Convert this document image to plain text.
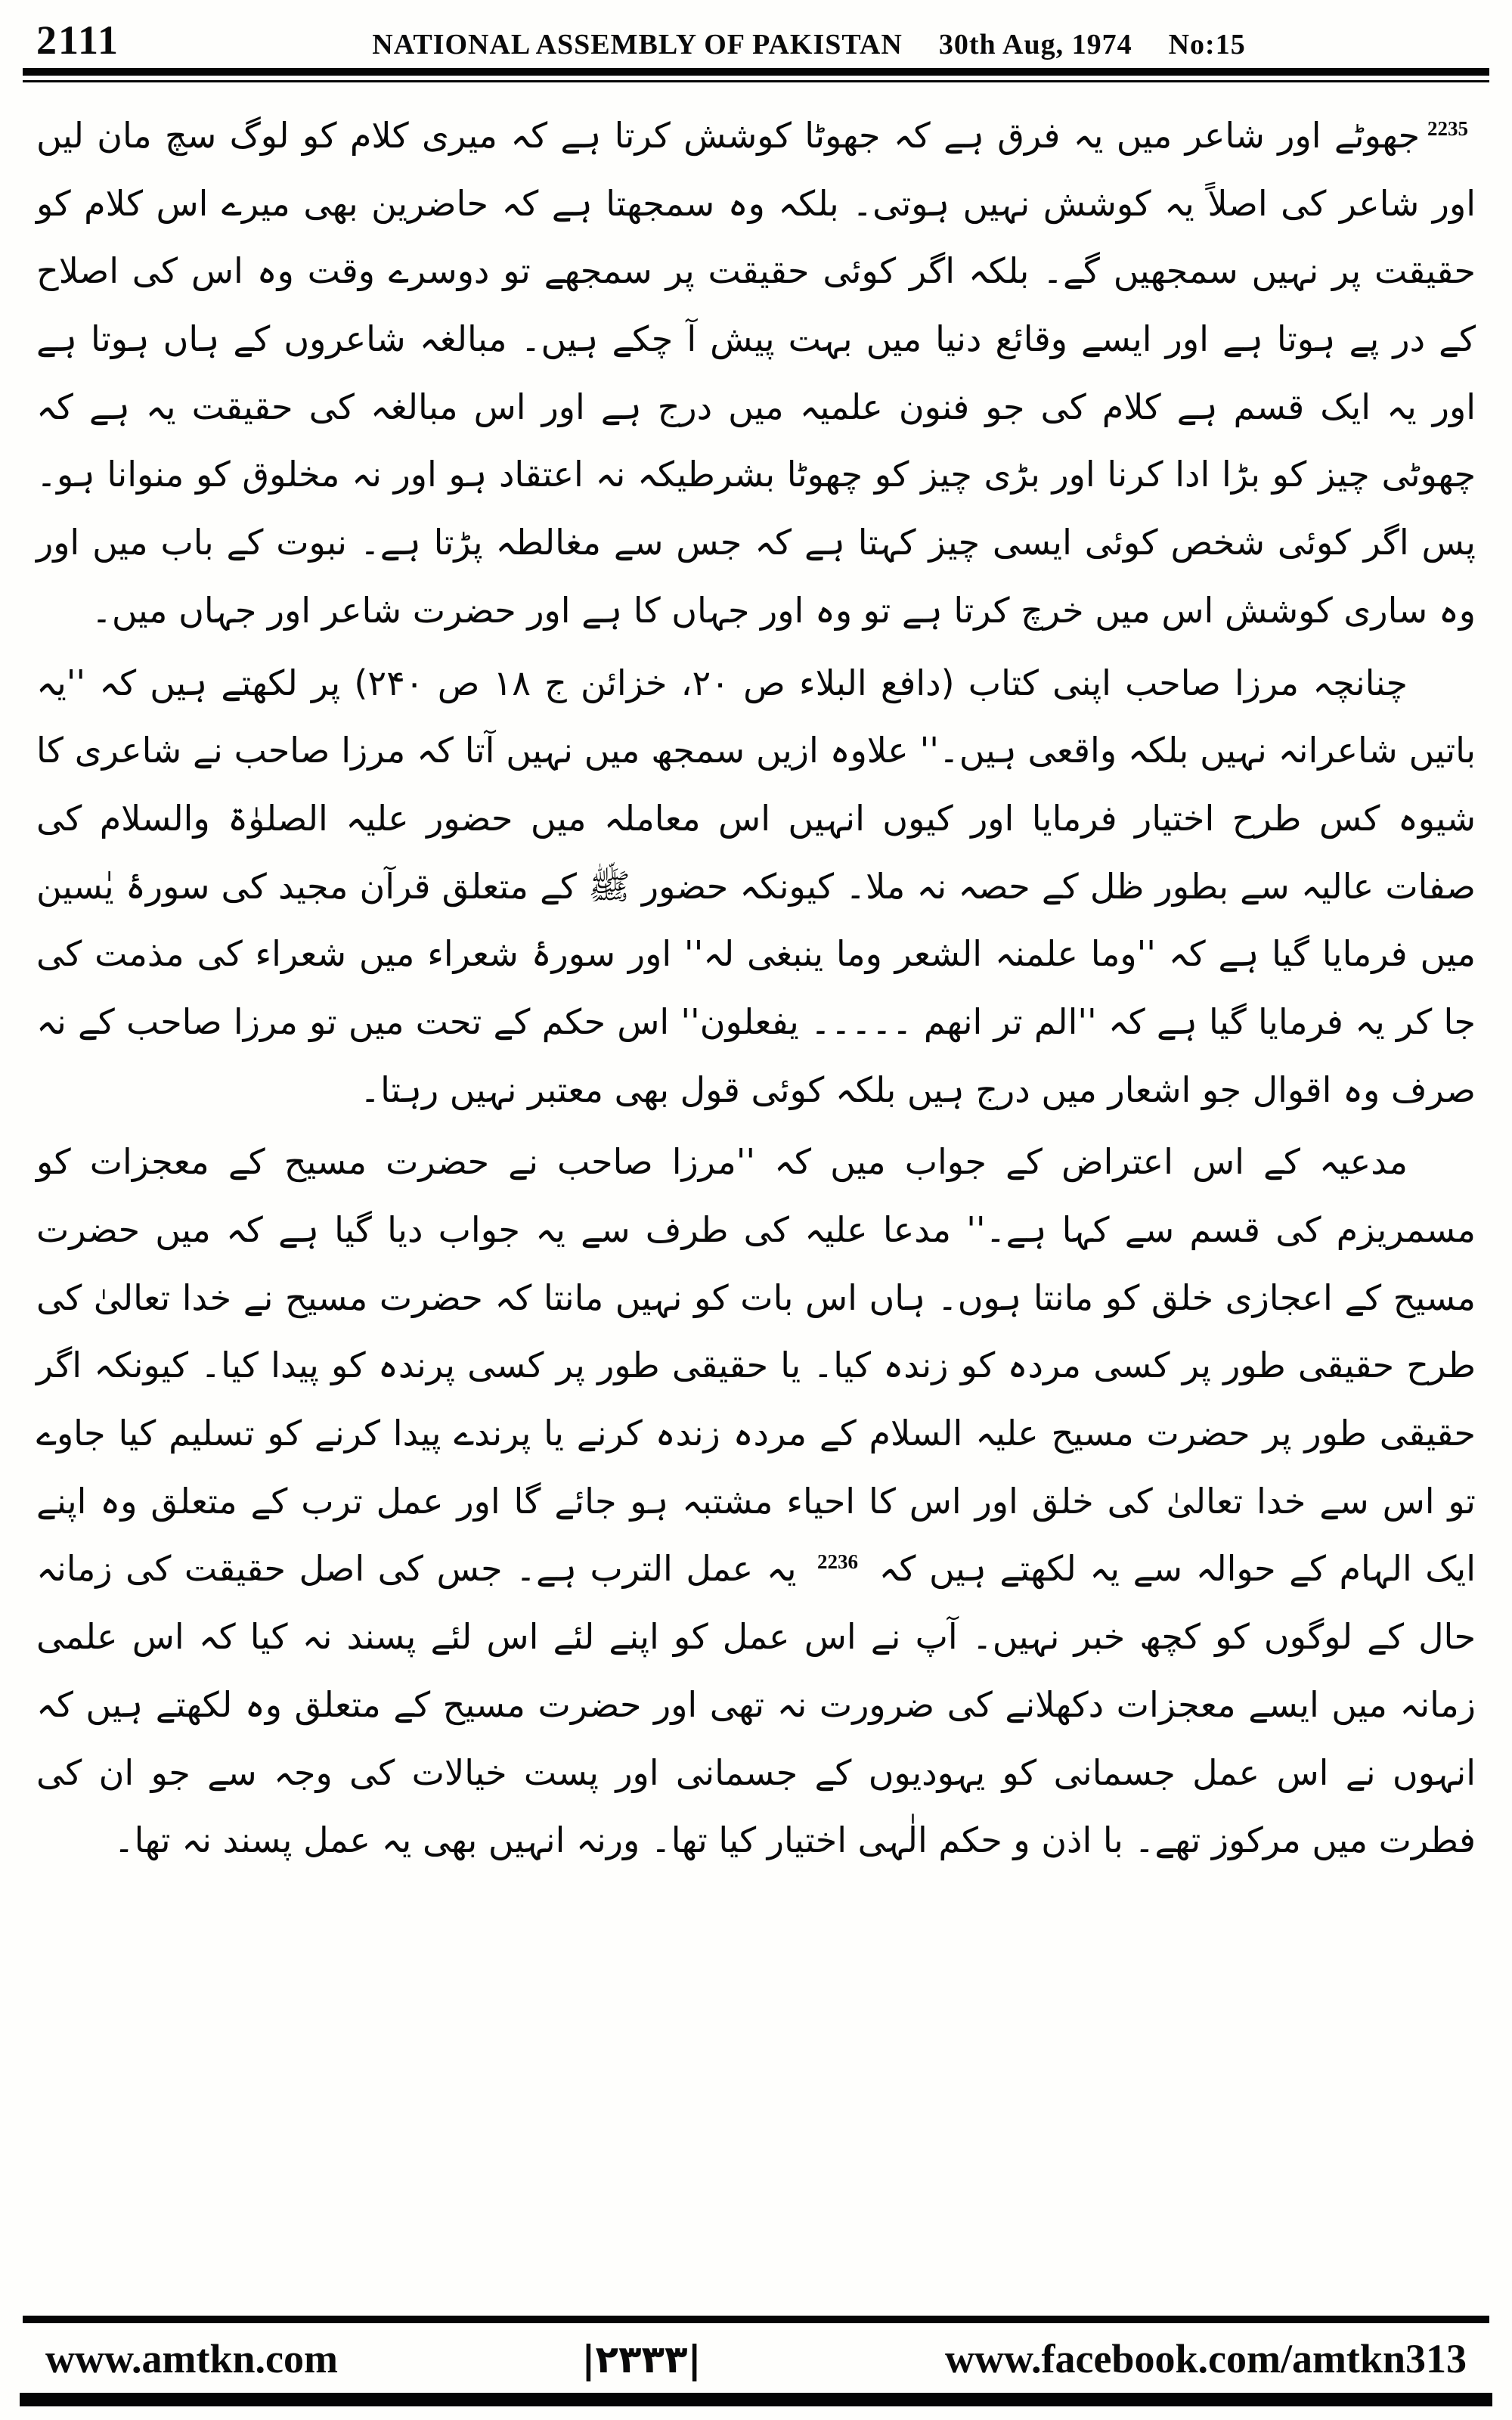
2111	NATIONAL ASSEMBLY OF PAKISTAN 30th Aug, 1974 No:15

$^{2235}$جھوٹے اور شاعر میں یہ فرق ہے کہ جھوٹا کوشش کرتا ہے کہ میری کلام کو لوگ سچ مان لیں اور شاعر کی اصلاً یہ کوشش نہیں ہوتی۔ بلکہ وہ سمجھتا ہے کہ حاضرین بھی میرے اس کلام کو حقیقت پر نہیں سمجھیں گے۔ بلکہ اگر کوئی حقیقت پر سمجھے تو دوسرے وقت وہ اس کی اصلاح کے در پے ہوتا ہے اور ایسے وقائع دنیا میں بہت پیش آ چکے ہیں۔ مبالغہ شاعروں کے ہاں ہوتا ہے اور یہ ایک قسم ہے کلام کی جو فنون علمیہ میں درج ہے اور اس مبالغہ کی حقیقت یہ ہے کہ چھوٹی چیز کو بڑا ادا کرنا اور بڑی چیز کو چھوٹا بشرطیکہ نہ اعتقاد ہو اور نہ مخلوق کو منوانا ہو۔ پس اگر کوئی شخص کوئی ایسی چیز کہتا ہے کہ جس سے مغالطہ پڑتا ہے۔ نبوت کے باب میں اور وہ ساری کوشش اس میں خرچ کرتا ہے تو وہ اور جہاں کا ہے اور حضرت شاعر اور جہاں میں۔

چنانچہ مرزا صاحب اپنی کتاب (دافع البلاء ص ۲۰، خزائن ج ۱۸ ص ۲۴۰) پر لکھتے ہیں کہ ''یہ باتیں شاعرانہ نہیں بلکہ واقعی ہیں۔'' علاوہ ازیں سمجھ میں نہیں آتا کہ مرزا صاحب نے شاعری کا شیوہ کس طرح اختیار فرمایا اور کیوں انہیں اس معاملہ میں حضور علیہ الصلوٰۃ والسلام کی صفات عالیہ سے بطور ظل کے حصہ نہ ملا۔ کیونکہ حضور ﷺ کے متعلق قرآن مجید کی سورۂ یٰسین میں فرمایا گیا ہے کہ ''وما علمنہ الشعر وما ینبغی لہ'' اور سورۂ شعراء میں شعراء کی مذمت کی جا کر یہ فرمایا گیا ہے کہ ''الم تر انھم ۔۔۔۔۔ یفعلون'' اس حکم کے تحت میں تو مرزا صاحب کے نہ صرف وہ اقوال جو اشعار میں درج ہیں بلکہ کوئی قول بھی معتبر نہیں رہتا۔

مدعیہ کے اس اعتراض کے جواب میں کہ ''مرزا صاحب نے حضرت مسیح کے معجزات کو مسمریزم کی قسم سے کہا ہے۔'' مدعا علیہ کی طرف سے یہ جواب دیا گیا ہے کہ میں حضرت مسیح کے اعجازی خلق کو مانتا ہوں۔ ہاں اس بات کو نہیں مانتا کہ حضرت مسیح نے خدا تعالیٰ کی طرح حقیقی طور پر کسی مردہ کو زندہ کیا۔ یا حقیقی طور پر کسی پرندہ کو پیدا کیا۔ کیونکہ اگر حقیقی طور پر حضرت مسیح علیہ السلام کے مردہ زندہ کرنے یا پرندے پیدا کرنے کو تسلیم کیا جاوے تو اس سے خدا تعالیٰ کی خلق اور اس کا احیاء مشتبہ ہو جائے گا اور عمل ترب کے متعلق وہ اپنے ایک الہام کے حوالہ سے یہ لکھتے ہیں کہ $^{2236}$ یہ عمل الترب ہے۔ جس کی اصل حقیقت کی زمانہ حال کے لوگوں کو کچھ خبر نہیں۔ آپ نے اس عمل کو اپنے لئے اس لئے پسند نہ کیا کہ اس علمی زمانہ میں ایسے معجزات دکھلانے کی ضرورت نہ تھی اور حضرت مسیح کے متعلق وہ لکھتے ہیں کہ انہوں نے اس عمل جسمانی کو یہودیوں کے جسمانی اور پست خیالات کی وجہ سے جو ان کی فطرت میں مرکوز تھے۔ با اذن و حکم الٰہی اختیار کیا تھا۔ ورنہ انہیں بھی یہ عمل پسند نہ تھا۔

www.amtkn.com	|۲۳۳۳|	www.facebook.com/amtkn313
